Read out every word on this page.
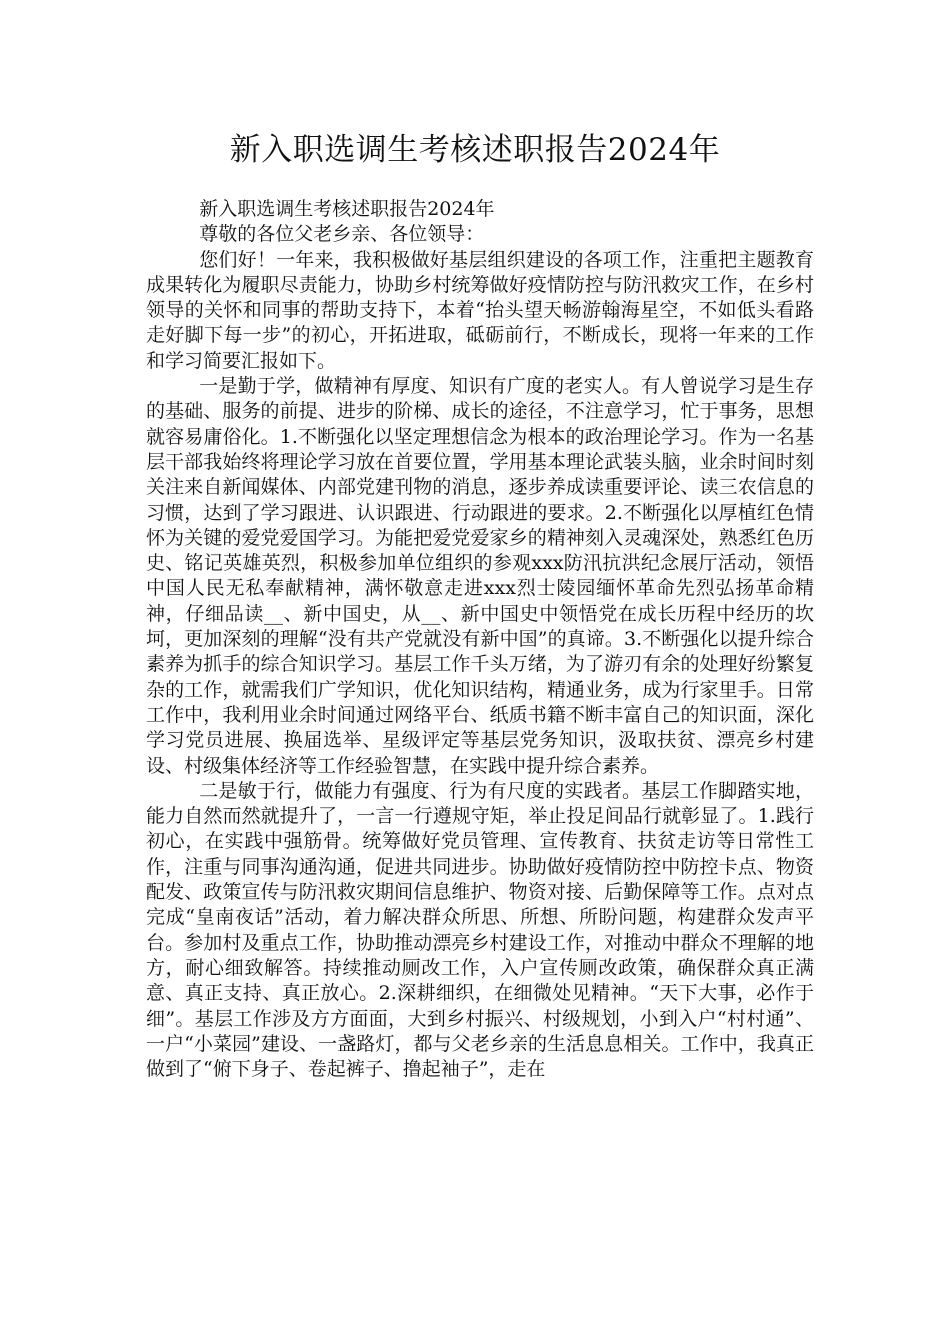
新入职选调生考核述职报告2024年

新入职选调生考核述职报告2024年

尊敬的各位父老乡亲、各位领导：

您们好！一年来，我积极做好基层组织建设的各项工作，注重把主题教育成果转化为履职尽责能力，协助乡村统筹做好疫情防控与防汛救灾工作，在乡村领导的关怀和同事的帮助支持下，本着“抬头望天畅游翰海星空，不如低头看路走好脚下每一步”的初心，开拓进取，砥砺前行，不断成长，现将一年来的工作和学习简要汇报如下。

一是勤于学，做精神有厚度、知识有广度的老实人。有人曾说学习是生存的基础、服务的前提、进步的阶梯、成长的途径，不注意学习，忙于事务，思想就容易庸俗化。1.不断强化以坚定理想信念为根本的政治理论学习。作为一名基层干部我始终将理论学习放在首要位置，学用基本理论武装头脑，业余时间时刻关注来自新闻媒体、内部党建刊物的消息，逐步养成读重要评论、读三农信息的习惯，达到了学习跟进、认识跟进、行动跟进的要求。2.不断强化以厚植红色情怀为关键的爱党爱国学习。为能把爱党爱家乡的精神刻入灵魂深处，熟悉红色历史、铭记英雄英烈，积极参加单位组织的参观xxx防汛抗洪纪念展厅活动，领悟中国人民无私奉献精神，满怀敬意走进xxx烈士陵园缅怀革命先烈弘扬革命精神，仔细品读__、新中国史，从__、新中国史中领悟党在成长历程中经历的坎坷，更加深刻的理解“没有共产党就没有新中国”的真谛。3.不断强化以提升综合素养为抓手的综合知识学习。基层工作千头万绪，为了游刃有余的处理好纷繁复杂的工作，就需我们广学知识，优化知识结构，精通业务，成为行家里手。日常工作中，我利用业余时间通过网络平台、纸质书籍不断丰富自己的知识面，深化学习党员进展、换届选举、星级评定等基层党务知识，汲取扶贫、漂亮乡村建设、村级集体经济等工作经验智慧，在实践中提升综合素养。

二是敏于行，做能力有强度、行为有尺度的实践者。基层工作脚踏实地，能力自然而然就提升了，一言一行遵规守矩，举止投足间品行就彰显了。1.践行初心，在实践中强筋骨。统筹做好党员管理、宣传教育、扶贫走访等日常性工作，注重与同事沟通沟通，促进共同进步。协助做好疫情防控中防控卡点、物资配发、政策宣传与防汛救灾期间信息维护、物资对接、后勤保障等工作。点对点完成“皇南夜话”活动，着力解决群众所思、所想、所盼问题，构建群众发声平台。参加村及重点工作，协助推动漂亮乡村建设工作，对推动中群众不理解的地方，耐心细致解答。持续推动厕改工作，入户宣传厕改政策，确保群众真正满意、真正支持、真正放心。2.深耕细织，在细微处见精神。“天下大事，必作于细”。基层工作涉及方方面面，大到乡村振兴、村级规划，小到入户“村村通”、一户“小菜园”建设、一盏路灯，都与父老乡亲的生活息息相关。工作中，我真正做到了“俯下身子、卷起裤子、撸起袖子”，走在
